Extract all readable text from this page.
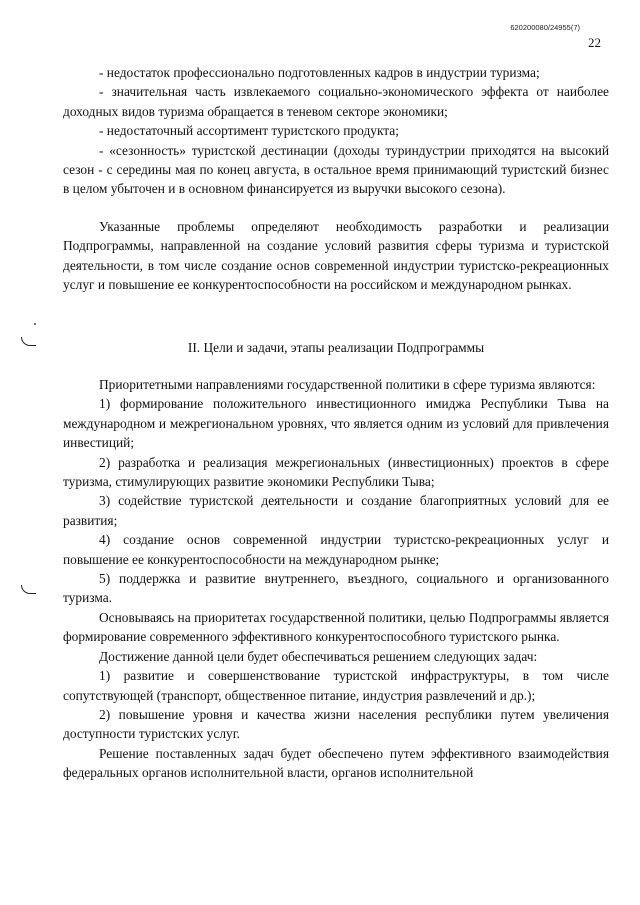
620200080/24955(7)
22

- недостаток профессионально подготовленных кадров в индустрии туризма;

- значительная часть извлекаемого социально-экономического эффекта от наиболее доходных видов туризма обращается в теневом секторе экономики;

- недостаточный ассортимент туристского продукта;

- «сезонность» туристской дестинации (доходы туриндустрии приходятся на высокий сезон - с середины мая по конец августа, в остальное время принимающий туристский бизнес в целом убыточен и в основном финансируется из выручки высокого сезона).

Указанные проблемы определяют необходимость разработки и реализации Подпрограммы, направленной на создание условий развития сферы туризма и туристской деятельности, в том числе создание основ современной индустрии туристско-рекреационных услуг и повышение ее конкурентоспособности на российском и международном рынках.

II. Цели и задачи, этапы реализации Подпрограммы

Приоритетными направлениями государственной политики в сфере туризма являются:

1) формирование положительного инвестиционного имиджа Республики Тыва на международном и межрегиональном уровнях, что является одним из условий для привлечения инвестиций;

2) разработка и реализация межрегиональных (инвестиционных) проектов в сфере туризма, стимулирующих развитие экономики Республики Тыва;

3) содействие туристской деятельности и создание благоприятных условий для ее развития;

4) создание основ современной индустрии туристско-рекреационных услуг и повышение ее конкурентоспособности на международном рынке;

5) поддержка и развитие внутреннего, въездного, социального и организованного туризма.

Основываясь на приоритетах государственной политики, целью Подпрограммы является формирование современного эффективного конкурентоспособного туристского рынка.

Достижение данной цели будет обеспечиваться решением следующих задач:

1) развитие и совершенствование туристской инфраструктуры, в том числе сопутствующей (транспорт, общественное питание, индустрия развлечений и др.);

2) повышение уровня и качества жизни населения республики путем увеличения доступности туристских услуг.

Решение поставленных задач будет обеспечено путем эффективного взаимодействия федеральных органов исполнительной власти, органов исполнительной
